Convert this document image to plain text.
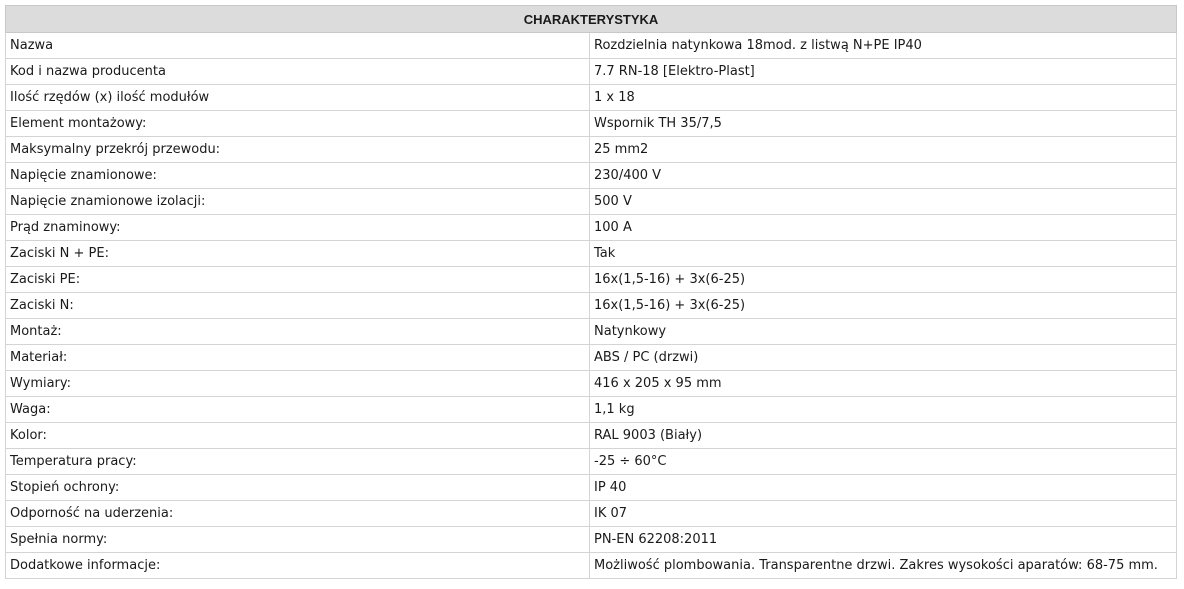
CHARAKTERYSTYKA	
Nazwa	Rozdzielnia natynkowa 18mod. z listwą N+PE IP40
Kod i nazwa producenta	7.7 RN-18 [Elektro-Plast]
Ilość rzędów (x) ilość modułów	1 x 18
Element montażowy:	Wspornik TH 35/7,5
Maksymalny przekrój przewodu:	25 mm2
Napięcie znamionowe:	230/400 V
Napięcie znamionowe izolacji:	500 V
Prąd znaminowy:	100 A
Zaciski N + PE:	Tak
Zaciski PE:	16x(1,5-16) + 3x(6-25)
Zaciski N:	16x(1,5-16) + 3x(6-25)
Montaż:	Natynkowy
Materiał:	ABS / PC (drzwi)
Wymiary:	416 x 205 x 95 mm
Waga:	1,1 kg
Kolor:	RAL 9003 (Biały)
Temperatura pracy:	-25 ÷ 60°C
Stopień ochrony:	IP 40
Odporność na uderzenia:	IK 07
Spełnia normy:	PN-EN 62208:2011
Dodatkowe informacje:	Możliwość plombowania. Transparentne drzwi. Zakres wysokości aparatów: 68-75 mm.
